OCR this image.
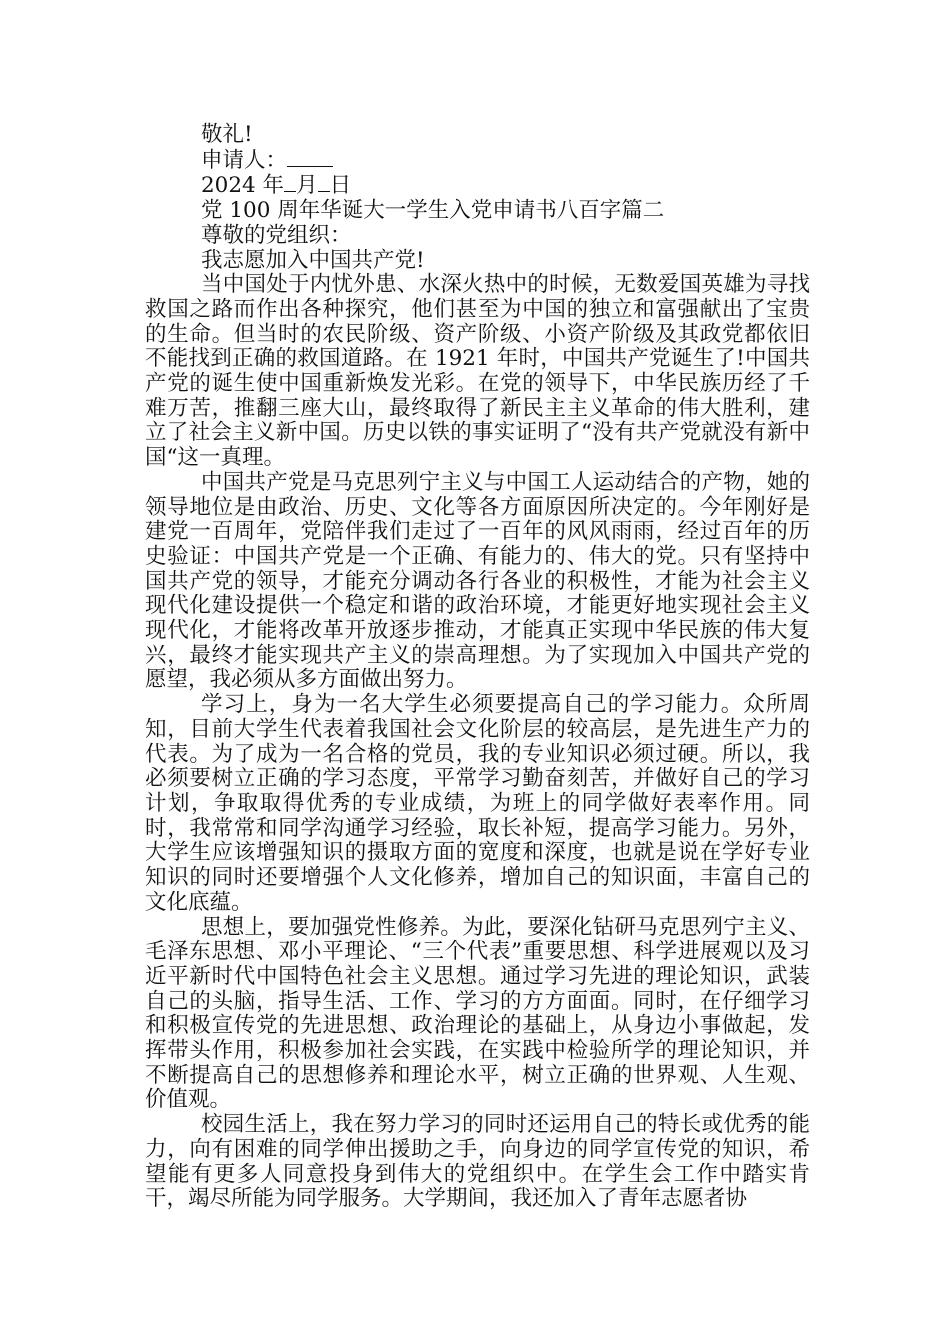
敬礼!
申请人：
2024 年 月 日
党 100 周年华诞大一学生入党申请书八百字篇二
尊敬的党组织：
我志愿加入中国共产党!

当中国处于内忧外患、水深火热中的时候，无数爱国英雄为寻找救国之路而作出各种探究，他们甚至为中国的独立和富强献出了宝贵的生命。但当时的农民阶级、资产阶级、小资产阶级及其政党都依旧不能找到正确的救国道路。在 1921 年时，中国共产党诞生了!中国共产党的诞生使中国重新焕发光彩。在党的领导下，中华民族历经了千难万苦，推翻三座大山，最终取得了新民主主义革命的伟大胜利，建立了社会主义新中国。历史以铁的事实证明了“没有共产党就没有新中国“这一真理。

中国共产党是马克思列宁主义与中国工人运动结合的产物，她的领导地位是由政治、历史、文化等各方面原因所决定的。今年刚好是建党一百周年，党陪伴我们走过了一百年的风风雨雨，经过百年的历史验证：中国共产党是一个正确、有能力的、伟大的党。只有坚持中国共产党的领导，才能充分调动各行各业的积极性，才能为社会主义现代化建设提供一个稳定和谐的政治环境，才能更好地实现社会主义现代化，才能将改革开放逐步推动，才能真正实现中华民族的伟大复兴，最终才能实现共产主义的崇高理想。为了实现加入中国共产党的愿望，我必须从多方面做出努力。

学习上，身为一名大学生必须要提高自己的学习能力。众所周知，目前大学生代表着我国社会文化阶层的较高层，是先进生产力的代表。为了成为一名合格的党员，我的专业知识必须过硬。所以，我必须要树立正确的学习态度，平常学习勤奋刻苦，并做好自己的学习计划，争取取得优秀的专业成绩，为班上的同学做好表率作用。同时，我常常和同学沟通学习经验，取长补短，提高学习能力。另外，大学生应该增强知识的摄取方面的宽度和深度，也就是说在学好专业知识的同时还要增强个人文化修养，增加自己的知识面，丰富自己的文化底蕴。

思想上，要加强党性修养。为此，要深化钻研马克思列宁主义、毛泽东思想、邓小平理论、“三个代表”重要思想、科学进展观以及习近平新时代中国特色社会主义思想。通过学习先进的理论知识，武装自己的头脑，指导生活、工作、学习的方方面面。同时，在仔细学习和积极宣传党的先进思想、政治理论的基础上，从身边小事做起，发挥带头作用，积极参加社会实践，在实践中检验所学的理论知识，并不断提高自己的思想修养和理论水平，树立正确的世界观、人生观、价值观。

校园生活上，我在努力学习的同时还运用自己的特长或优秀的能力，向有困难的同学伸出援助之手，向身边的同学宣传党的知识，希望能有更多人同意投身到伟大的党组织中。在学生会工作中踏实肯干，竭尽所能为同学服务。大学期间，我还加入了青年志愿者协
